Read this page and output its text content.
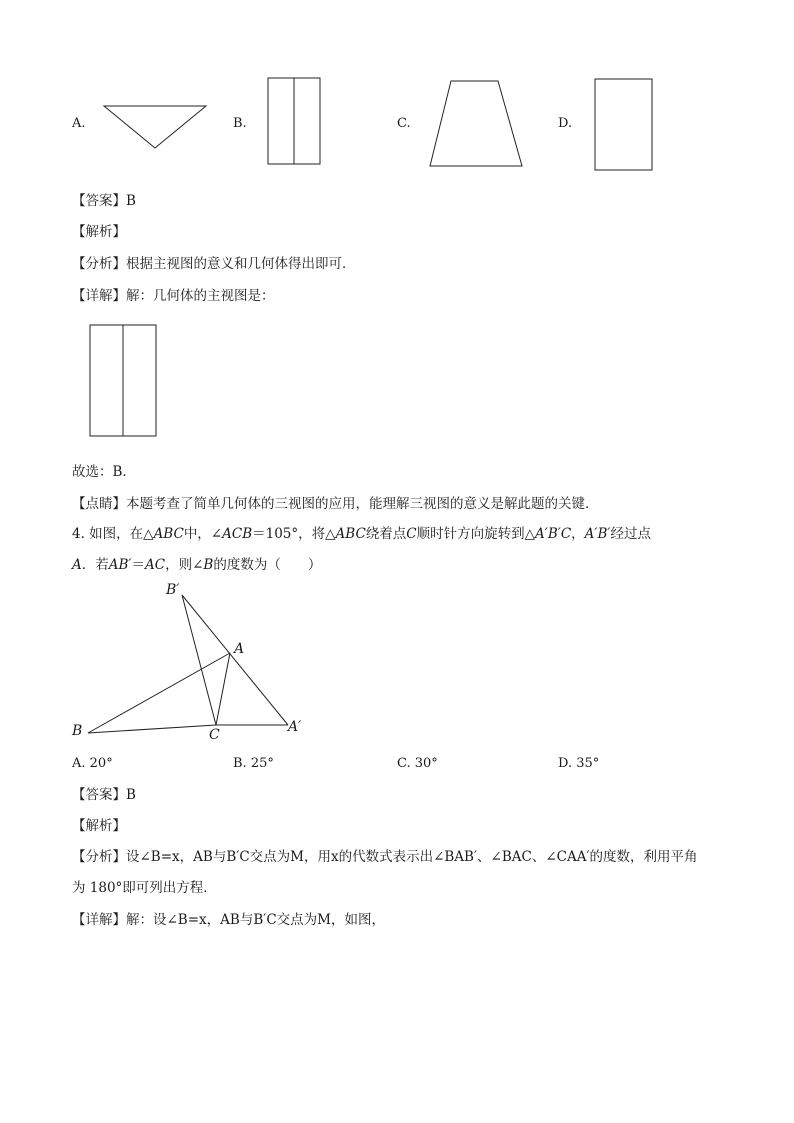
A.	B.	C.	D.
【答案】B
【解析】
【分析】根据主视图的意义和几何体得出即可．
【详解】解：几何体的主视图是：
故选：B．
【点睛】本题考查了简单几何体的三视图的应用，能理解三视图的意义是解此题的关键．
4. 如图，在△ABC中，∠ACB＝105°，将△ABC绕着点C顺时针方向旋转到△A′B′C，A′B′经过点
A．若AB′＝AC，则∠B的度数为（　　）
B′
A
B	C	A′
A. 20°	B. 25°	C. 30°	D. 35°
【答案】B
【解析】
【分析】设∠B=x，AB与B′C交点为M，用x的代数式表示出∠BAB′、∠BAC、∠CAA′的度数，利用平角
为 180°即可列出方程．
【详解】解：设∠B=x，AB与B′C交点为M，如图，
